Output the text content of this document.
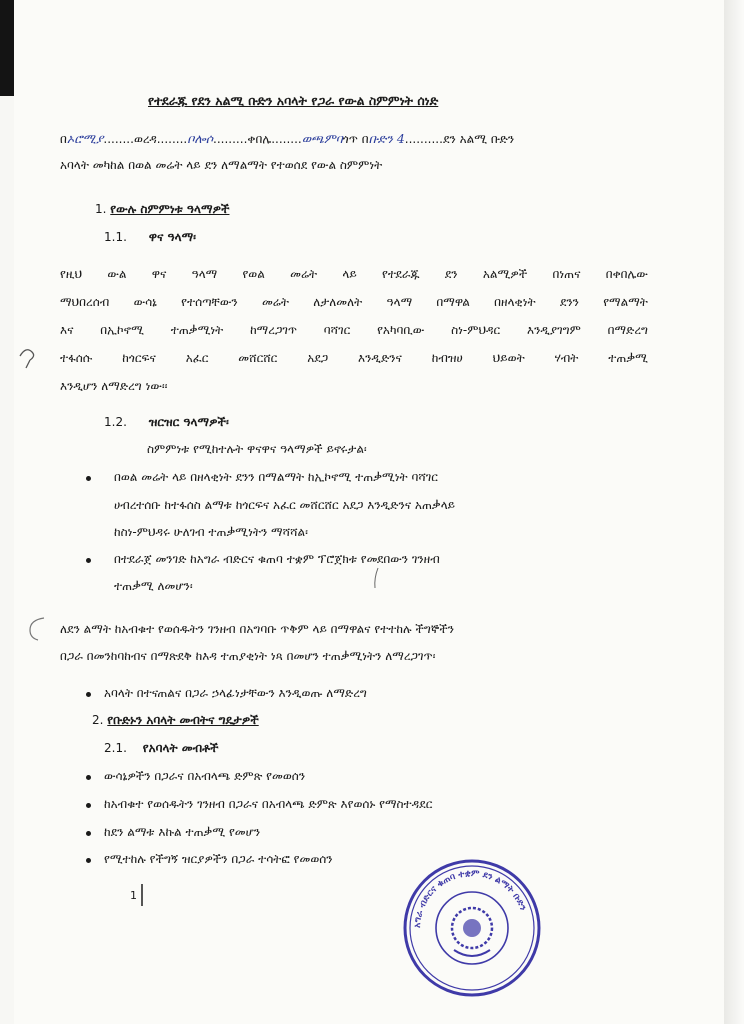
የተደራጁ የደን አልሚ ቡድን አባላት የጋራ የውል ስምምነት ሰነድ
በኦሮሚያ........ወረዳ........ቦሎሶ.........ቀበሌ........ወጫምባጎጥ በቡድን 4..........ደን አልሚ ቡድን
አባላት መካከል በወል መሬት ላይ ደን ለማልማት የተወሰደ የውል ስምምነት
1. የውሉ ስምምነቱ ዓላማዎች
1.1. ዋና ዓላማ፡
የዚህ ውል ዋና ዓላማ የወል መሬት ላይ የተደራጁ ደን አልሚዎች በነጠና በቀበሌው
ማህበረሰብ ውሳኔ የተሰጣቸውን መሬት ለታለመለት ዓላማ በማዋል በዘላቂነት ደንን የማልማት
እና በኢኮኖሚ ተጠቃሚነት ከማረጋገጥ ባሻገር የአካባቢው ስነ-ምህዳር እንዲያገግም በማድረግ
ተፋሰሱ ከጎርፍና አፈር መሸርሸር አደጋ እንዲድንና ከብዝሀ ህይወት ሃብት ተጠቃሚ
እንዲሆን ለማድረግ ነው፡፡
1.2. ዝርዝር ዓላማዎች፡
ስምምነቱ የሚከተሉት ዋናዋና ዓላማዎች ይኖሩታል፡
በወል መሬት ላይ በዘላቂነት ደንን በማልማት ከኢኮኖሚ ተጠቃሚነት ባሻገር
ሀብረተሰቡ ከተፋሰስ ልማቱ ከጎርፍና አፈር መሸርሸር አደጋ እንዲድንና አጠቃላይ
ከስነ-ምህዳሩ ሁለገብ ተጠቃሚነትን ማሻሻል፡
በተደራጀ መንገድ ከአግራ ብድርና ቁጠባ ተቋም ፕሮጀክቱ የመደበውን ገንዘብ
ተጠቃሚ ለመሆን፡
ለደን ልማት ከአብቁተ የወሰዱትን ገንዘብ በአግባቡ ጥቅም ላይ በማዋልና የተተከሉ ችግኞችን
በጋራ በመንከባከብና በማጽደቅ ከእዳ ተጠያቂነት ነጻ በመሆን ተጠቃሚነትን ለማረጋገጥ፡
አባላት በተናጠልና በጋራ ኃላፊነታቸውን እንዲወጡ ለማድረግ
2. የቡድኑን አባላት መብትና ግዴታዎች
2.1. የአባላት መብቶች
ውሳኔዎችን በጋራና በአብላጫ ድምጽ የመወሰን
ከአብቁተ የወሰዱትን ገንዘብ በጋራና በአብላጫ ድምጽ እየወሰኑ የማስተዳደር
ከደን ልማቱ እኩል ተጠቃሚ የመሆን
የሚተከሉ የችግኝ ዝርያዎችን በጋራ ተሳትፎ የመወሰን
1
አግራ ብድርና ቁጠባ ተቋም ደን ልማት ቡድን
